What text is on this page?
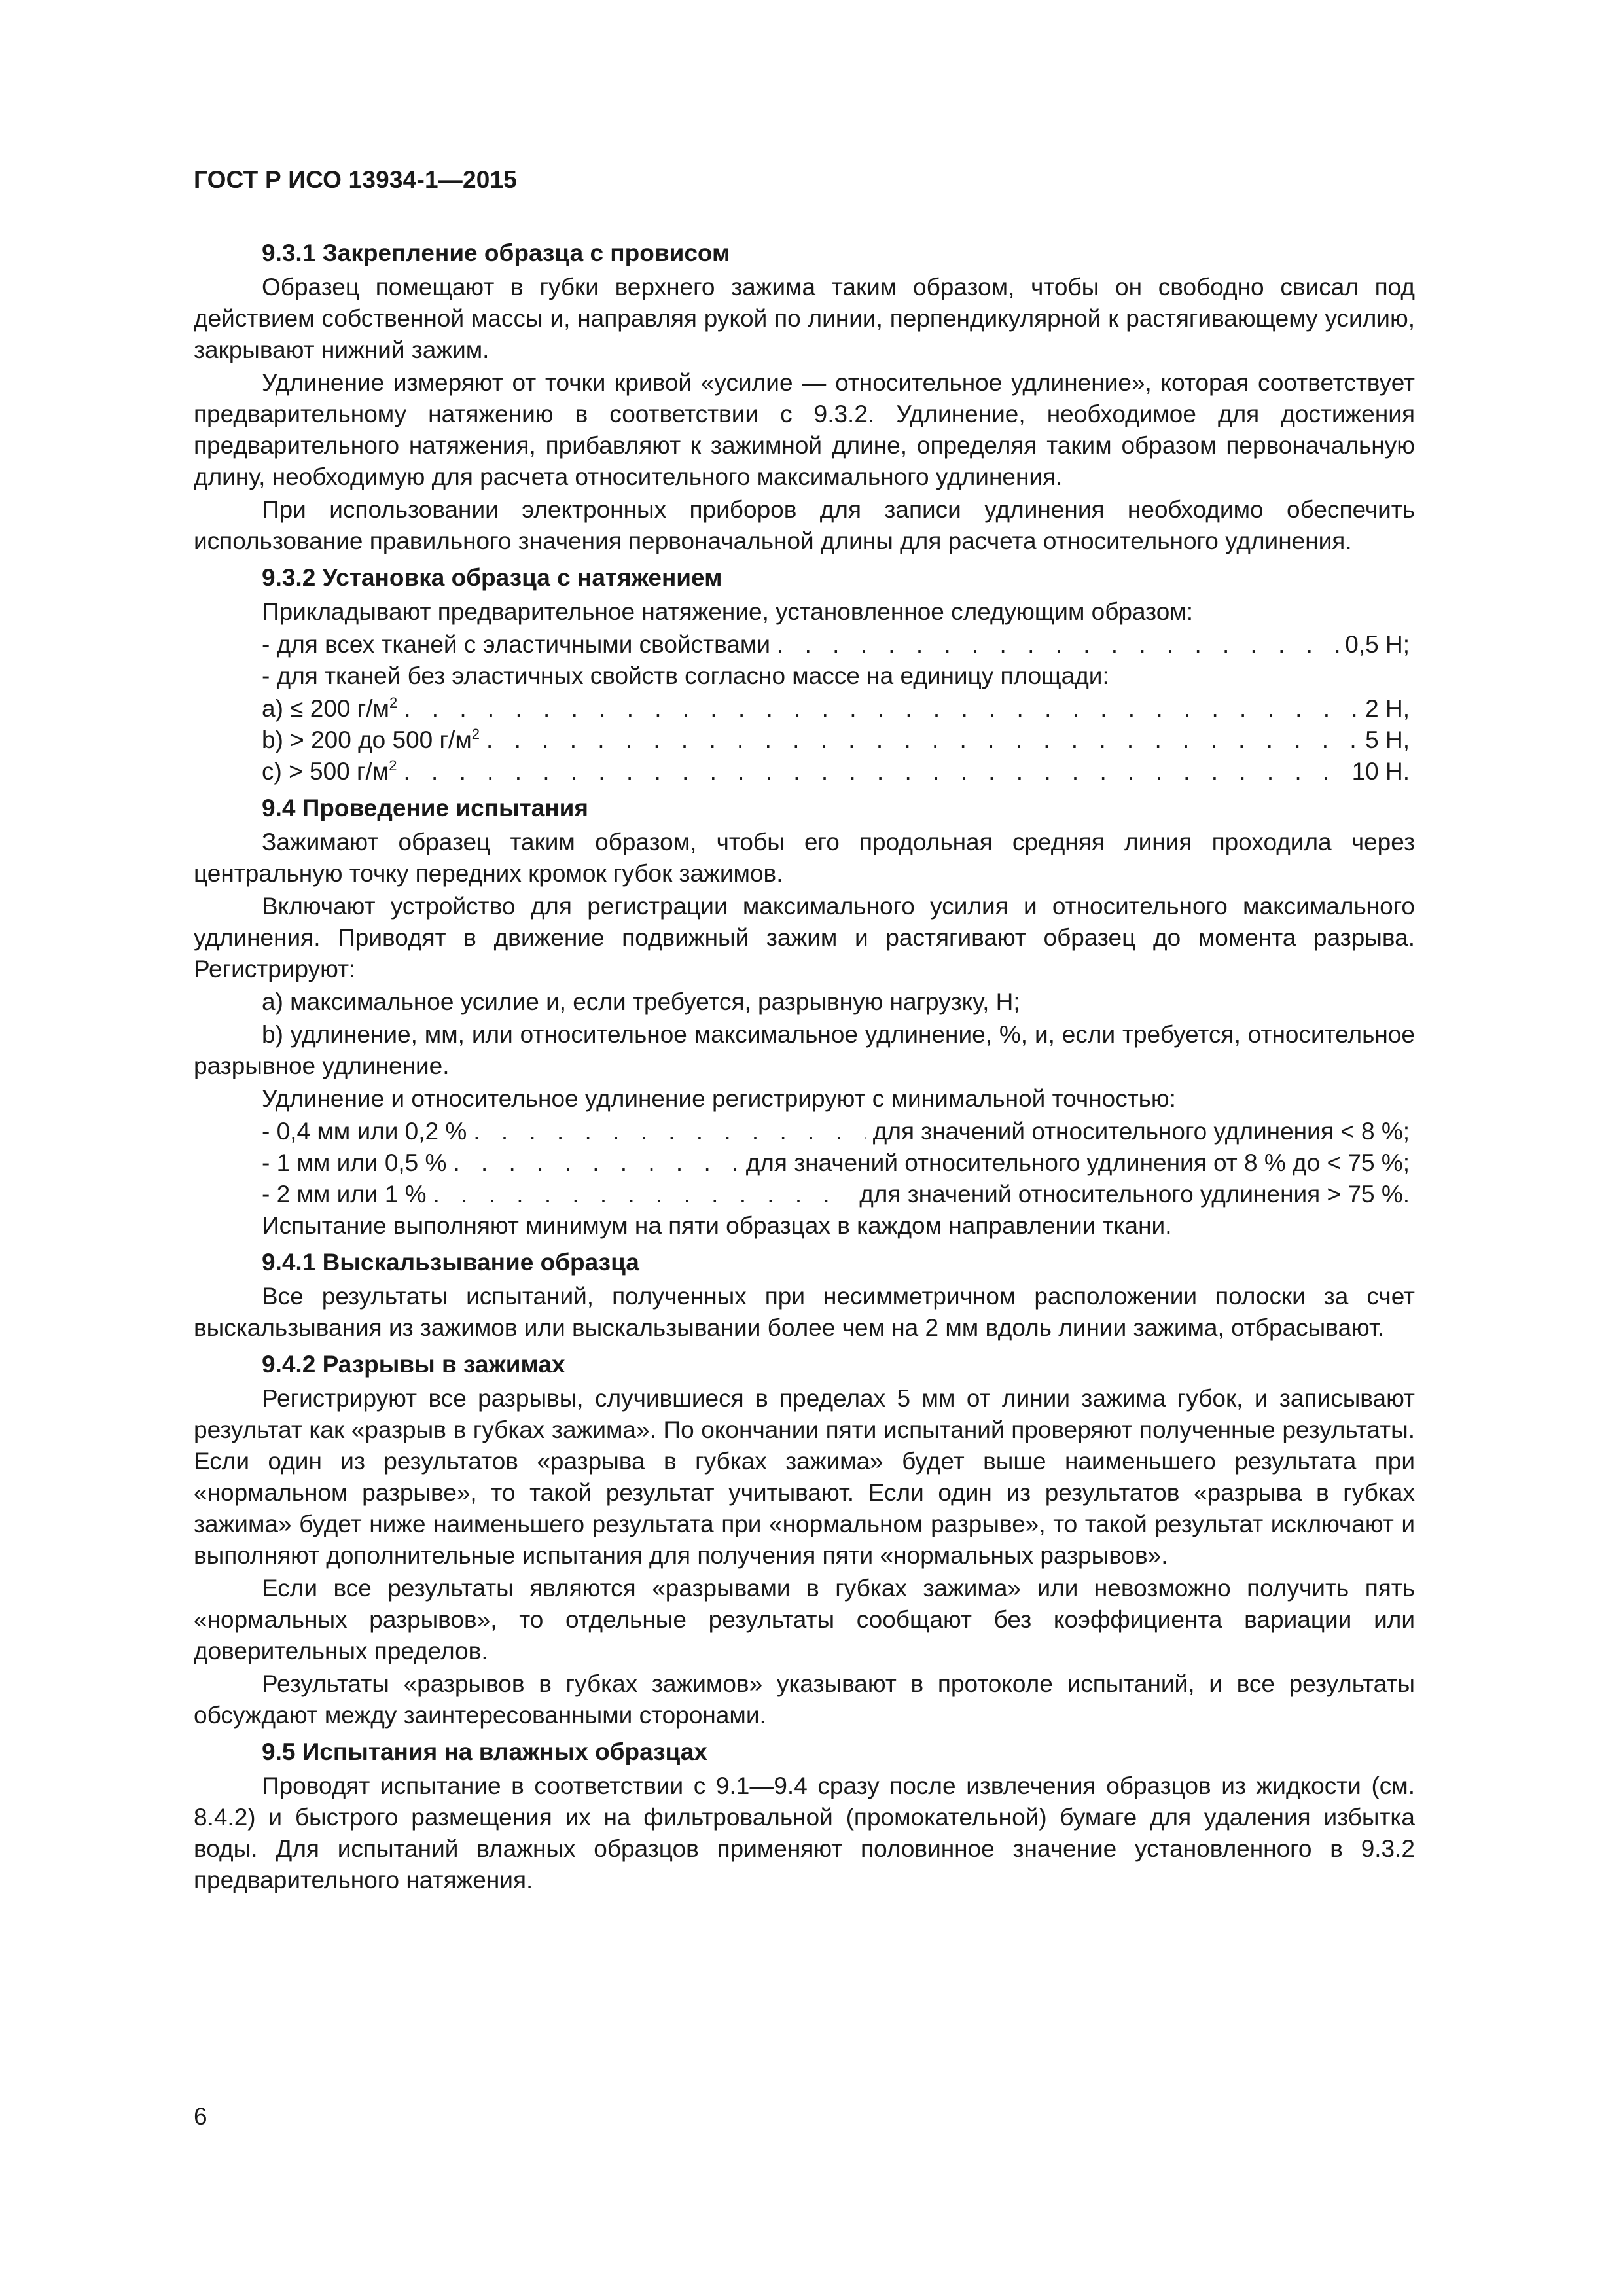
ГОСТ Р ИСО 13934-1—2015
9.3.1 Закрепление образца с провисом
Образец помещают в губки верхнего зажима таким образом, чтобы он свободно свисал под действием собственной массы и, направляя рукой по линии, перпендикулярной к растягивающему усилию, закрывают нижний зажим.
Удлинение измеряют от точки кривой «усилие — относительное удлинение», которая соответствует предварительному натяжению в соответствии с 9.3.2. Удлинение, необходимое для достижения предварительного натяжения, прибавляют к зажимной длине, определяя таким образом первоначальную длину, необходимую для расчета относительного максимального удлинения.
При использовании электронных приборов для записи удлинения необходимо обеспечить использование правильного значения первоначальной длины для расчета относительного удлинения.
9.3.2 Установка образца с натяжением
Прикладывают предварительное натяжение, установленное следующим образом:
- для всех тканей с эластичными свойствами . . .	0,5 Н;
- для тканей без эластичных свойств согласно массе на единицу площади:
a) ≤ 200 $г/м^2$ . . .	2 Н,
b) > 200 до 500 $г/м^2$ . . .	5 Н,
c) > 500 $г/м^2$ . . .	10 Н.
9.4 Проведение испытания
Зажимают образец таким образом, чтобы его продольная средняя линия проходила через центральную точку передних кромок губок зажимов.
Включают устройство для регистрации максимального усилия и относительного максимального удлинения. Приводят в движение подвижный зажим и растягивают образец до момента разрыва. Регистрируют:
a) максимальное усилие и, если требуется, разрывную нагрузку, Н;
b) удлинение, мм, или относительное максимальное удлинение, %, и, если требуется, относительное разрывное удлинение.
Удлинение и относительное удлинение регистрируют с минимальной точностью:
- 0,4 мм или 0,2 % . . .	для значений относительного удлинения < 8 %;
- 1 мм или 0,5 % . . .	для значений относительного удлинения от 8 % до < 75 %;
- 2 мм или 1 % . . .	для значений относительного удлинения > 75 %.
Испытание выполняют минимум на пяти образцах в каждом направлении ткани.
9.4.1 Выскальзывание образца
Все результаты испытаний, полученных при несимметричном расположении полоски за счет выскальзывания из зажимов или выскальзывании более чем на 2 мм вдоль линии зажима, отбрасывают.
9.4.2 Разрывы в зажимах
Регистрируют все разрывы, случившиеся в пределах 5 мм от линии зажима губок, и записывают результат как «разрыв в губках зажима». По окончании пяти испытаний проверяют полученные результаты. Если один из результатов «разрыва в губках зажима» будет выше наименьшего результата при «нормальном разрыве», то такой результат учитывают. Если один из результатов «разрыва в губках зажима» будет ниже наименьшего результата при «нормальном разрыве», то такой результат исключают и выполняют дополнительные испытания для получения пяти «нормальных разрывов».
Если все результаты являются «разрывами в губках зажима» или невозможно получить пять «нормальных разрывов», то отдельные результаты сообщают без коэффициента вариации или доверительных пределов.
Результаты «разрывов в губках зажимов» указывают в протоколе испытаний, и все результаты обсуждают между заинтересованными сторонами.
9.5 Испытания на влажных образцах
Проводят испытание в соответствии с 9.1—9.4 сразу после извлечения образцов из жидкости (см. 8.4.2) и быстрого размещения их на фильтровальной (промокательной) бумаге для удаления избытка воды. Для испытаний влажных образцов применяют половинное значение установленного в 9.3.2 предварительного натяжения.
6
